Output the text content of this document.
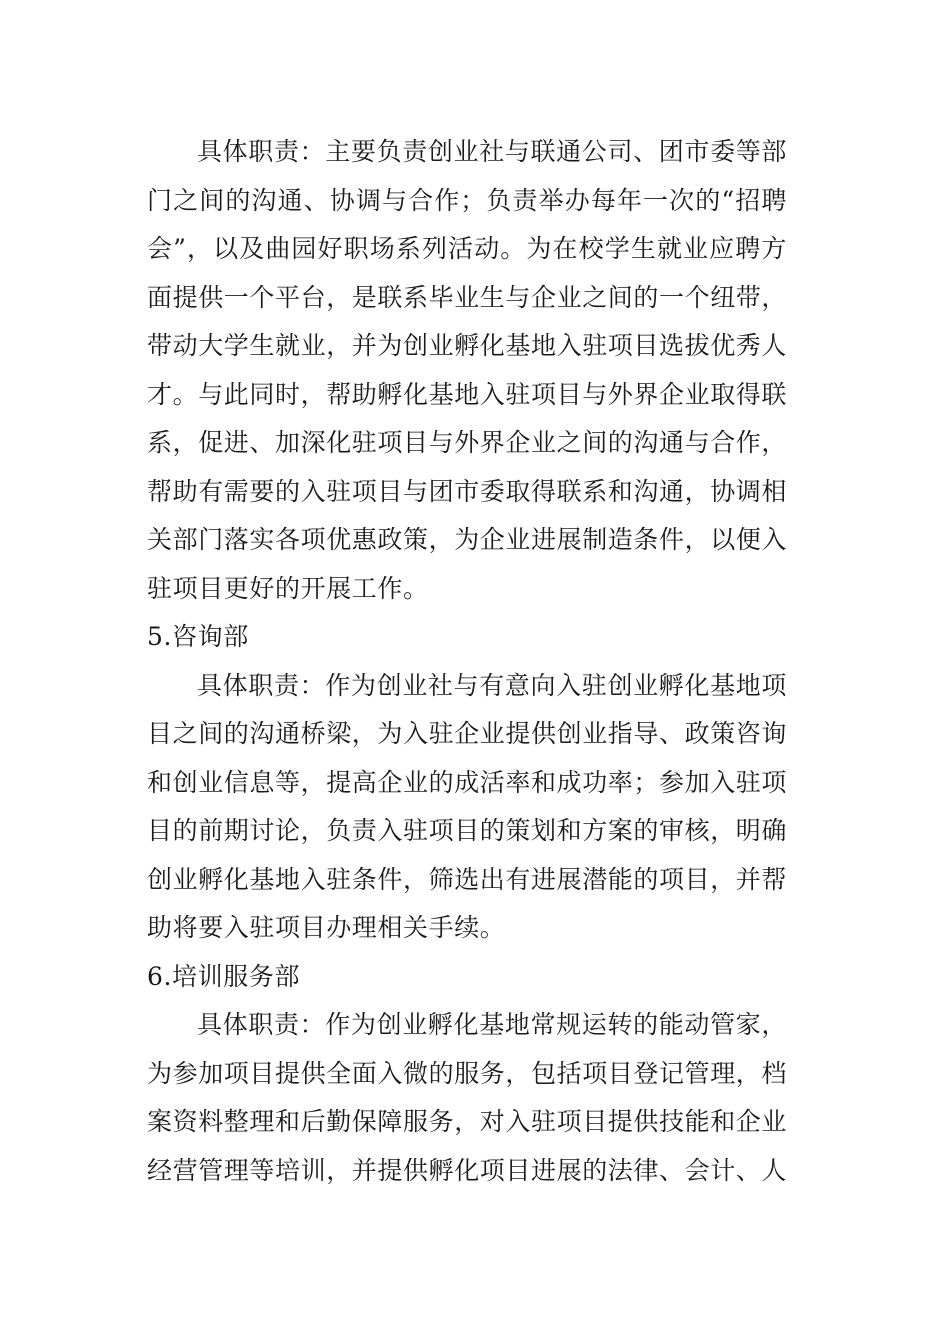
具体职责：主要负责创业社与联通公司、团市委等部门之间的沟通、协调与合作；负责举办每年一次的“招聘会”，以及曲园好职场系列活动。为在校学生就业应聘方面提供一个平台，是联系毕业生与企业之间的一个纽带，带动大学生就业，并为创业孵化基地入驻项目选拔优秀人才。与此同时，帮助孵化基地入驻项目与外界企业取得联系，促进、加深化驻项目与外界企业之间的沟通与合作，帮助有需要的入驻项目与团市委取得联系和沟通，协调相关部门落实各项优惠政策，为企业进展制造条件，以便入驻项目更好的开展工作。

5.咨询部

具体职责：作为创业社与有意向入驻创业孵化基地项目之间的沟通桥梁，为入驻企业提供创业指导、政策咨询和创业信息等，提高企业的成活率和成功率；参加入驻项目的前期讨论，负责入驻项目的策划和方案的审核，明确创业孵化基地入驻条件，筛选出有进展潜能的项目，并帮助将要入驻项目办理相关手续。

6.培训服务部

具体职责：作为创业孵化基地常规运转的能动管家，为参加项目提供全面入微的服务，包括项目登记管理，档案资料整理和后勤保障服务，对入驻项目提供技能和企业经营管理等培训，并提供孵化项目进展的法律、会计、人
